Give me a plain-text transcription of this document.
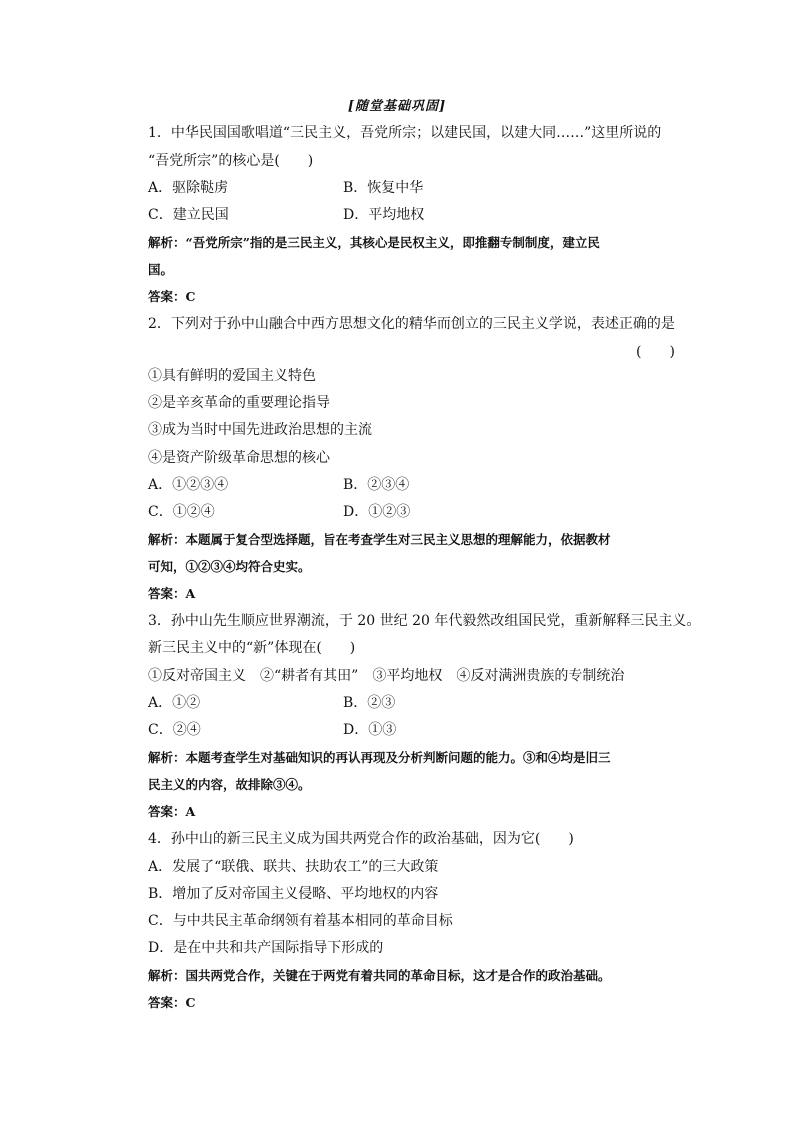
[随堂基础巩固]
1．中华民国国歌唱道“三民主义，吾党所宗；以建民国，以建大同……”这里所说的
“吾党所宗”的核心是(　　)
A．驱除鞑虏	B．恢复中华
C．建立民国	D．平均地权
解析：“吾党所宗”指的是三民主义，其核心是民权主义，即推翻专制制度，建立民
国。
答案：C
2．下列对于孙中山融合中西方思想文化的精华而创立的三民主义学说，表述正确的是
(　　)
①具有鲜明的爱国主义特色
②是辛亥革命的重要理论指导
③成为当时中国先进政治思想的主流
④是资产阶级革命思想的核心
A．①②③④	B．②③④
C．①②④	D．①②③
解析：本题属于复合型选择题，旨在考查学生对三民主义思想的理解能力，依据教材
可知，①②③④均符合史实。
答案：A
3．孙中山先生顺应世界潮流，于 20 世纪 20 年代毅然改组国民党，重新解释三民主义。
新三民主义中的“新”体现在(　　)
①反对帝国主义　②“耕者有其田”　③平均地权　④反对满洲贵族的专制统治
A．①②	B．②③
C．②④	D．①③
解析：本题考查学生对基础知识的再认再现及分析判断问题的能力。③和④均是旧三
民主义的内容，故排除③④。
答案：A
4．孙中山的新三民主义成为国共两党合作的政治基础，因为它(　　)
A．发展了“联俄、联共、扶助农工”的三大政策
B．增加了反对帝国主义侵略、平均地权的内容
C．与中共民主革命纲领有着基本相同的革命目标
D．是在中共和共产国际指导下形成的
解析：国共两党合作，关键在于两党有着共同的革命目标，这才是合作的政治基础。
答案：C
